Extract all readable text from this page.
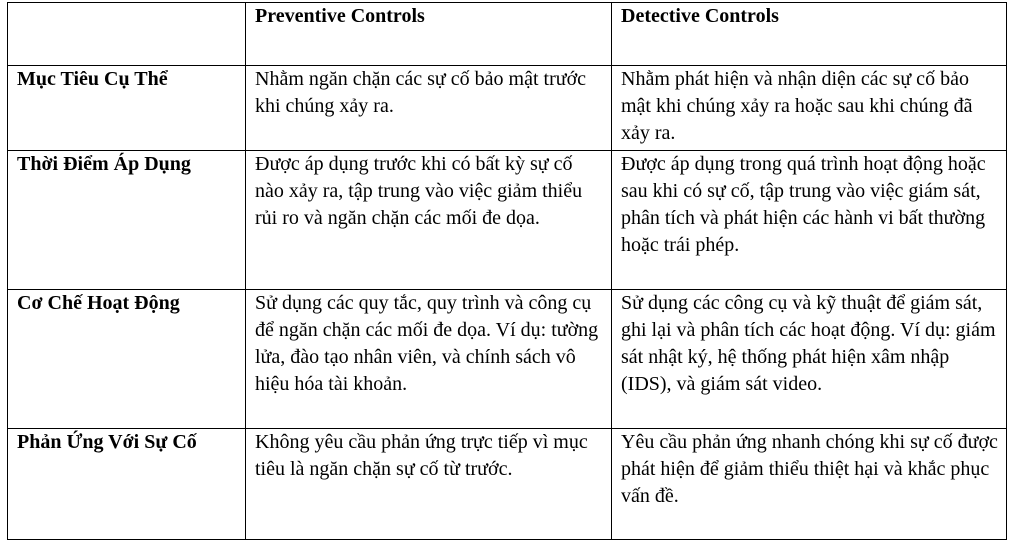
	Preventive Controls	Detective Controls
Mục Tiêu Cụ Thể	Nhằm ngăn chặn các sự cố bảo mật trước khi chúng xảy ra.	Nhằm phát hiện và nhận diện các sự cố bảo mật khi chúng xảy ra hoặc sau khi chúng đã xảy ra.
Thời Điểm Áp Dụng	Được áp dụng trước khi có bất kỳ sự cố nào xảy ra, tập trung vào việc giảm thiểu rủi ro và ngăn chặn các mối đe dọa.	Được áp dụng trong quá trình hoạt động hoặc sau khi có sự cố, tập trung vào việc giám sát, phân tích và phát hiện các hành vi bất thường hoặc trái phép.
Cơ Chế Hoạt Động	Sử dụng các quy tắc, quy trình và công cụ để ngăn chặn các mối đe dọa. Ví dụ: tường lửa, đào tạo nhân viên, và chính sách vô hiệu hóa tài khoản.	Sử dụng các công cụ và kỹ thuật để giám sát, ghi lại và phân tích các hoạt động. Ví dụ: giám sát nhật ký, hệ thống phát hiện xâm nhập (IDS), và giám sát video.
Phản Ứng Với Sự Cố	Không yêu cầu phản ứng trực tiếp vì mục tiêu là ngăn chặn sự cố từ trước.	Yêu cầu phản ứng nhanh chóng khi sự cố được phát hiện để giảm thiểu thiệt hại và khắc phục vấn đề.
